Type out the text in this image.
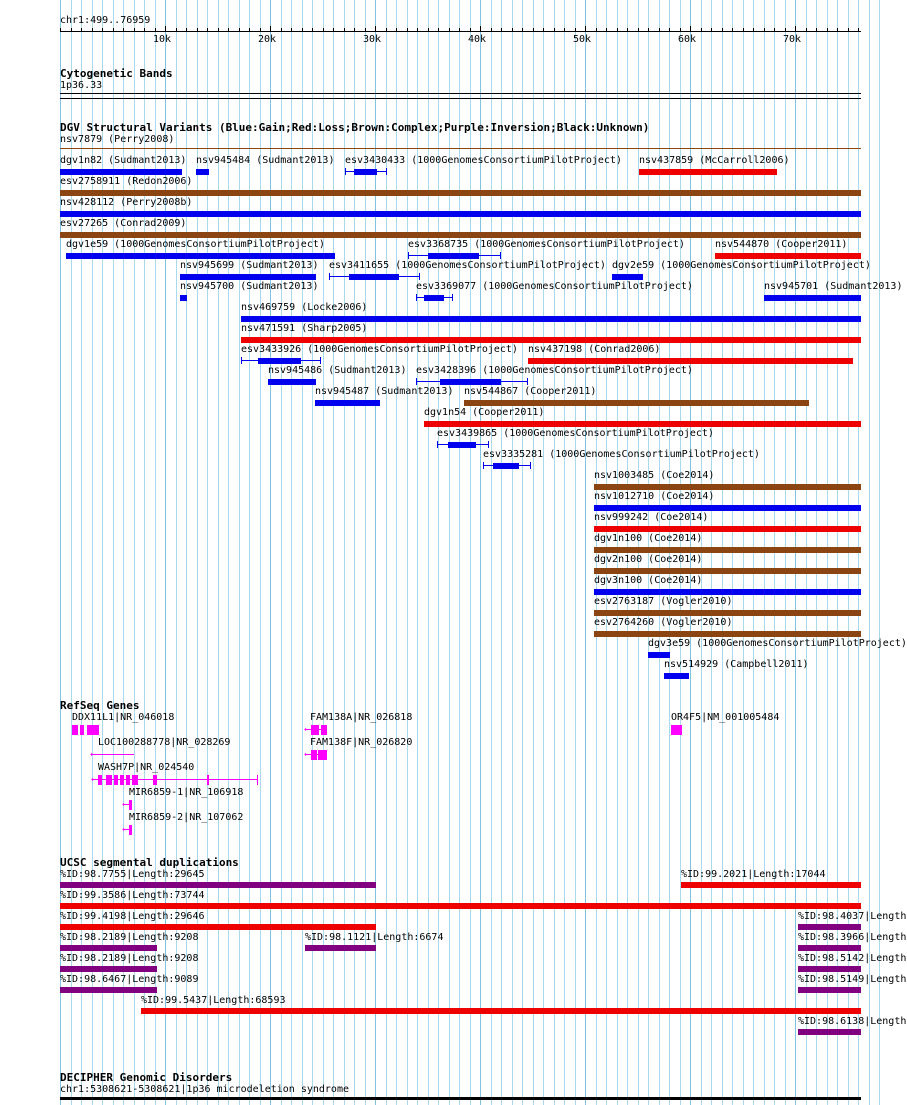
chr1:499..76959
10k	20k	30k	40k	50k	60k	70k
Cytogenetic Bands
1p36.33
DGV Structural Variants (Blue:Gain;Red:Loss;Brown:Complex;Purple:Inversion;Black:Unknown)
nsv7879 (Perry2008)
dgv1n82 (Sudmant2013) nsv945484 (Sudmant2013) esv3430433 (1000GenomesConsortiumPilotProject) nsv437859 (McCarroll2006)
esv2758911 (Redon2006)
nsv428112 (Perry2008b)
esv27265 (Conrad2009)
dgv1e59 (1000GenomesConsortiumPilotProject)	esv3368735 (1000GenomesConsortiumPilotProject)	nsv544870 (Cooper2011)
nsv945699 (Sudmant2013) esv3411655 (1000GenomesConsortiumPilotProject) dgv2e59 (1000GenomesConsortiumPilotProject)
nsv945700 (Sudmant2013)	esv3369077 (1000GenomesConsortiumPilotProject)	nsv945701 (Sudmant2013)
nsv469759 (Locke2006)
nsv471591 (Sharp2005)
esv3433926 (1000GenomesConsortiumPilotProject) nsv437198 (Conrad2006)
nsv945486 (Sudmant2013) esv3428396 (1000GenomesConsortiumPilotProject)
nsv945487 (Sudmant2013) nsv544867 (Cooper2011)
dgv1n54 (Cooper2011)
esv3439865 (1000GenomesConsortiumPilotProject)
esv3335281 (1000GenomesConsortiumPilotProject)
nsv1003485 (Coe2014)
nsv1012710 (Coe2014)
nsv999242 (Coe2014)
dgv1n100 (Coe2014)
dgv2n100 (Coe2014)
dgv3n100 (Coe2014)
esv2763187 (Vogler2010)
esv2764260 (Vogler2010)
dgv3e59 (1000GenomesConsortiumPilotProject)
nsv514929 (Campbell2011)
RefSeq Genes
DDX11L1|NR_046018	FAM138A|NR_026818
←
OR4F5|NM_001005484
LOC100288778|NR_028269
←
FAM138F|NR_026820
←
WASH7P|NR_024540
←
MIR6859-1|NR_106918
←
MIR6859-2|NR_107062
←
UCSC segmental duplications
%ID:98.7755|Length:29645	%ID:99.2021|Length:17044
%ID:99.3586|Length:73744
%ID:99.4198|Length:29646	%ID:98.4037|Length
%ID:98.2189|Length:9208	%ID:98.1121|Length:6674	%ID:98.3966|Length
%ID:98.2189|Length:9208	%ID:98.5142|Length
%ID:98.6467|Length:9089	%ID:98.5149|Length
%ID:99.5437|Length:68593
%ID:98.6138|Length
DECIPHER Genomic Disorders
chr1:5308621-5308621|1p36 microdeletion syndrome
